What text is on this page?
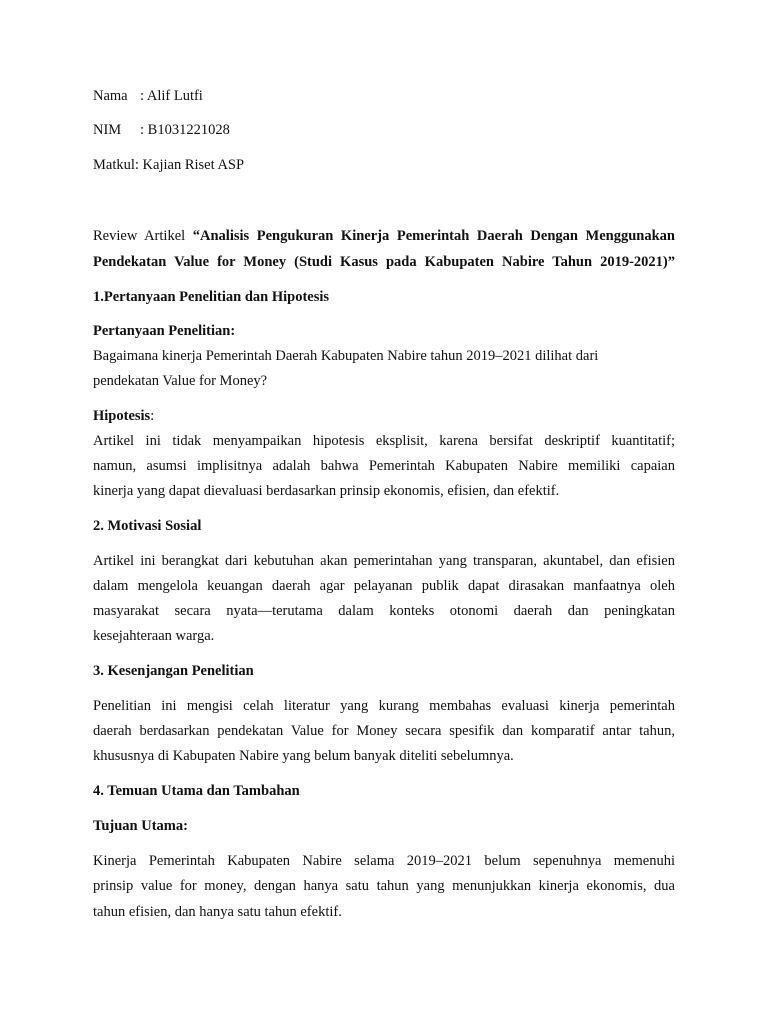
Nama : Alif Lutfi
NIM : B1031221028
Matkul: Kajian Riset ASP
Review Artikel “Analisis Pengukuran Kinerja Pemerintah Daerah Dengan Menggunakan
Pendekatan Value for Money (Studi Kasus pada Kabupaten Nabire Tahun 2019-2021)”
1.Pertanyaan Penelitian dan Hipotesis
Pertanyaan Penelitian:
Bagaimana kinerja Pemerintah Daerah Kabupaten Nabire tahun 2019–2021 dilihat dari
pendekatan Value for Money?
Hipotesis:
Artikel ini tidak menyampaikan hipotesis eksplisit, karena bersifat deskriptif kuantitatif;
namun, asumsi implisitnya adalah bahwa Pemerintah Kabupaten Nabire memiliki capaian
kinerja yang dapat dievaluasi berdasarkan prinsip ekonomis, efisien, dan efektif.
2. Motivasi Sosial
Artikel ini berangkat dari kebutuhan akan pemerintahan yang transparan, akuntabel, dan efisien
dalam mengelola keuangan daerah agar pelayanan publik dapat dirasakan manfaatnya oleh
masyarakat secara nyata—terutama dalam konteks otonomi daerah dan peningkatan
kesejahteraan warga.
3. Kesenjangan Penelitian
Penelitian ini mengisi celah literatur yang kurang membahas evaluasi kinerja pemerintah
daerah berdasarkan pendekatan Value for Money secara spesifik dan komparatif antar tahun,
khususnya di Kabupaten Nabire yang belum banyak diteliti sebelumnya.
4. Temuan Utama dan Tambahan
Tujuan Utama:
Kinerja Pemerintah Kabupaten Nabire selama 2019–2021 belum sepenuhnya memenuhi
prinsip value for money, dengan hanya satu tahun yang menunjukkan kinerja ekonomis, dua
tahun efisien, dan hanya satu tahun efektif.
